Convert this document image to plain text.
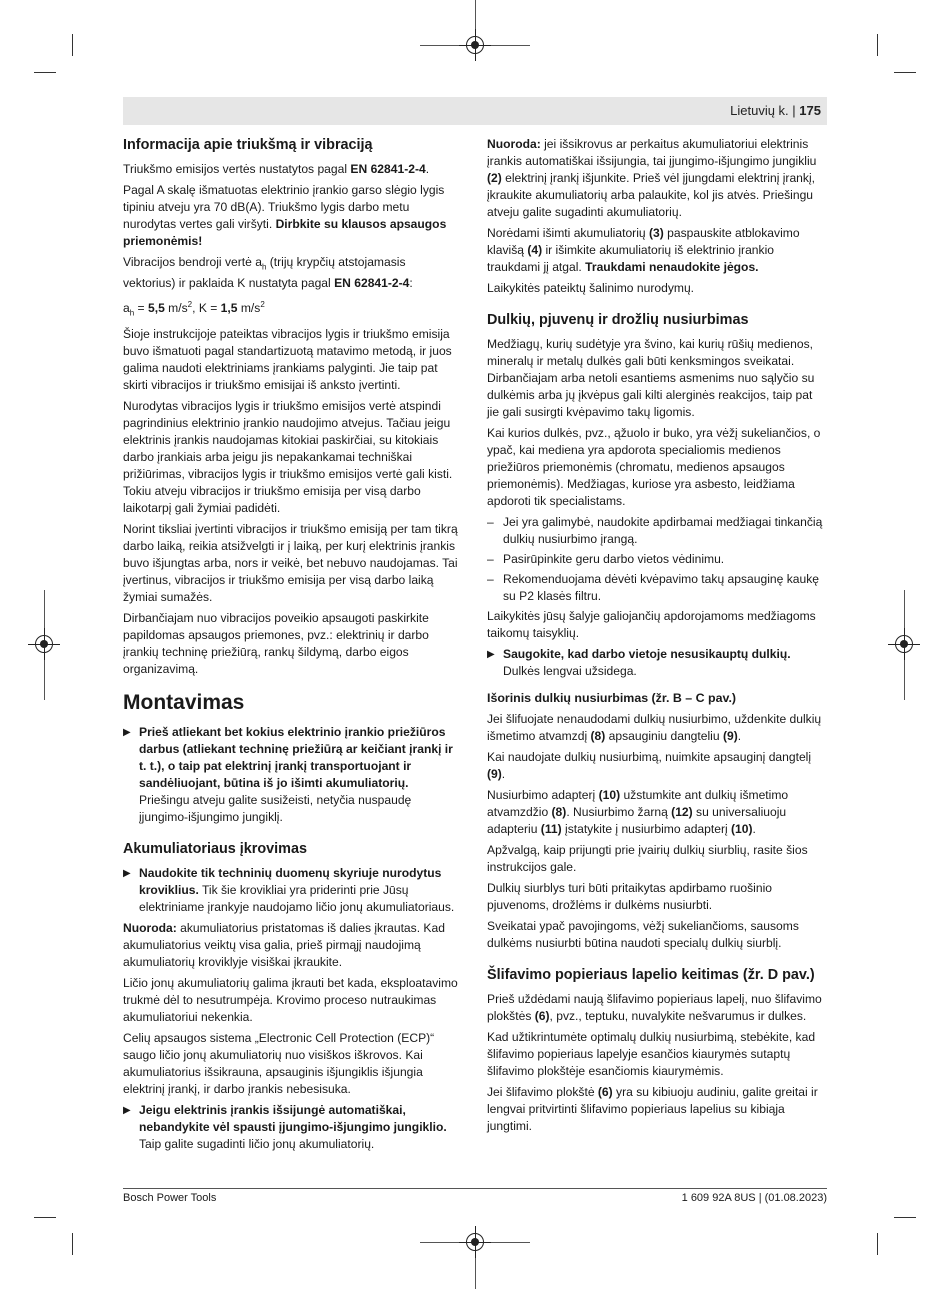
Lietuvių k. | 175
Informacija apie triukšmą ir vibraciją

Triukšmo emisijos vertės nustatytos pagal EN 62841-2-4.

Pagal A skalę išmatuotas elektrinio įrankio garso slėgio lygis tipiniu atveju yra 70 dB(A). Triukšmo lygis darbo metu nurodytas vertes gali viršyti. Dirbkite su klausos apsaugos priemonėmis!

Vibracijos bendroji vertė $a_h$ (trijų krypčių atstojamasis vektorius) ir paklaida K nustatyta pagal EN 62841-2-4:

$a_h = 5,5$ $m/s^2$, K = 1,5 $m/s^2$

Šioje instrukcijoje pateiktas vibracijos lygis ir triukšmo emisija buvo išmatuoti pagal standartizuotą matavimo metodą, ir juos galima naudoti elektriniams įrankiams palyginti. Jie taip pat skirti vibracijos ir triukšmo emisijai iš anksto įvertinti.

Nurodytas vibracijos lygis ir triukšmo emisijos vertė atspindi pagrindinius elektrinio įrankio naudojimo atvejus. Tačiau jeigu elektrinis įrankis naudojamas kitokiai paskirčiai, su kitokiais darbo įrankiais arba jeigu jis nepakankamai techniškai prižiūrimas, vibracijos lygis ir triukšmo emisijos vertė gali kisti. Tokiu atveju vibracijos ir triukšmo emisija per visą darbo laikotarpį gali žymiai padidėti.

Norint tiksliai įvertinti vibracijos ir triukšmo emisiją per tam tikrą darbo laiką, reikia atsižvelgti ir į laiką, per kurį elektrinis įrankis buvo išjungtas arba, nors ir veikė, bet nebuvo naudojamas. Tai įvertinus, vibracijos ir triukšmo emisija per visą darbo laiką žymiai sumažės.

Dirbančiajam nuo vibracijos poveikio apsaugoti paskirkite papildomas apsaugos priemones, pvz.: elektrinių ir darbo įrankių techninę priežiūrą, rankų šildymą, darbo eigos organizavimą.

Montavimas
▶ Prieš atliekant bet kokius elektrinio įrankio priežiūros darbus (atliekant techninę priežiūrą ar keičiant įrankį ir t. t.), o taip pat elektrinį įrankį transportuojant ir sandėliuojant, būtina iš jo išimti akumuliatorių. Priešingu atveju galite susižeisti, netyčia nuspaudę įjungimo-išjungimo jungiklį.
Akumuliatoriaus įkrovimas
▶ Naudokite tik techninių duomenų skyriuje nurodytus kroviklius. Tik šie krovikliai yra priderinti prie Jūsų elektriniame įrankyje naudojamo ličio jonų akumuliatoriaus.

Nuoroda: akumuliatorius pristatomas iš dalies įkrautas. Kad akumuliatorius veiktų visa galia, prieš pirmąjį naudojimą akumuliatorių kroviklyje visiškai įkraukite.

Ličio jonų akumuliatorių galima įkrauti bet kada, eksploatavimo trukmė dėl to nesutrumpėja. Krovimo proceso nutraukimas akumuliatoriui nekenkia.

Celių apsaugos sistema „Electronic Cell Protection (ECP)“ saugo ličio jonų akumuliatorių nuo visiškos iškrovos. Kai akumuliatorius išsikrauna, apsauginis išjungiklis išjungia elektrinį įrankį, ir darbo įrankis nebesisuka.

▶ Jeigu elektrinis įrankis išsijungė automatiškai, nebandykite vėl spausti įjungimo-išjungimo jungiklio. Taip galite sugadinti ličio jonų akumuliatorių.

Nuoroda: jei išsikrovus ar perkaitus akumuliatoriui elektrinis įrankis automatiškai išsijungia, tai įjungimo-išjungimo jungikliu (2) elektrinį įrankį išjunkite. Prieš vėl įjungdami elektrinį įrankį, įkraukite akumuliatorių arba palaukite, kol jis atvės. Priešingu atveju galite sugadinti akumuliatorių.

Norėdami išimti akumuliatorių (3) paspauskite atblokavimo klavišą (4) ir išimkite akumuliatorių iš elektrinio įrankio traukdami jį atgal. Traukdami nenaudokite jėgos.

Laikykitės pateiktų šalinimo nurodymų.

Dulkių, pjuvenų ir drožlių nusiurbimas

Medžiagų, kurių sudėtyje yra švino, kai kurių rūšių medienos, mineralų ir metalų dulkės gali būti kenksmingos sveikatai. Dirbančiajam arba netoli esantiems asmenims nuo sąlyčio su dulkėmis arba jų įkvėpus gali kilti alerginės reakcijos, taip pat jie gali susirgti kvėpavimo takų ligomis.

Kai kurios dulkės, pvz., ąžuolo ir buko, yra vėžį sukeliančios, o ypač, kai mediena yra apdorota specialiomis medienos priežiūros priemonėmis (chromatu, medienos apsaugos priemonėmis). Medžiagas, kuriose yra asbesto, leidžiama apdoroti tik specialistams.

– Jei yra galimybė, naudokite apdirbamai medžiagai tinkančią dulkių nusiurbimo įrangą.
– Pasirūpinkite geru darbo vietos vėdinimu.
– Rekomenduojama dėvėti kvėpavimo takų apsauginę kaukę su P2 klasės filtru.

Laikykitės jūsų šalyje galiojančių apdorojamoms medžiagoms taikomų taisyklių.

▶ Saugokite, kad darbo vietoje nesusikauptų dulkių. Dulkės lengvai užsidega.
Išorinis dulkių nusiurbimas (žr. B – C pav.)

Jei šlifuojate nenaudodami dulkių nusiurbimo, uždenkite dulkių išmetimo atvamzdį (8) apsauginiu dangteliu (9).

Kai naudojate dulkių nusiurbimą, nuimkite apsauginį dangtelį (9).

Nusiurbimo adapterį (10) užstumkite ant dulkių išmetimo atvamzdžio (8). Nusiurbimo žarną (12) su universaliuoju adapteriu (11) įstatykite į nusiurbimo adapterį (10).

Apžvalgą, kaip prijungti prie įvairių dulkių siurblių, rasite šios instrukcijos gale.

Dulkių siurblys turi būti pritaikytas apdirbamo ruošinio pjuvenoms, drožlėms ir dulkėms nusiurbti.

Sveikatai ypač pavojingoms, vėžį sukeliančioms, sausoms dulkėms nusiurbti būtina naudoti specialų dulkių siurblį.

Šlifavimo popieriaus lapelio keitimas (žr. D pav.)

Prieš uždėdami naują šlifavimo popieriaus lapelį, nuo šlifavimo plokštės (6), pvz., teptuku, nuvalykite nešvarumus ir dulkes.

Kad užtikrintumėte optimalų dulkių nusiurbimą, stebėkite, kad šlifavimo popieriaus lapelyje esančios kiaurymės sutaptų šlifavimo plokštėje esančiomis kiaurymėmis.

Jei šlifavimo plokštė (6) yra su kibiuoju audiniu, galite greitai ir lengvai pritvirtinti šlifavimo popieriaus lapelius su kibiąja jungtimi.

Bosch Power Tools	1 609 92A 8US | (01.08.2023)
